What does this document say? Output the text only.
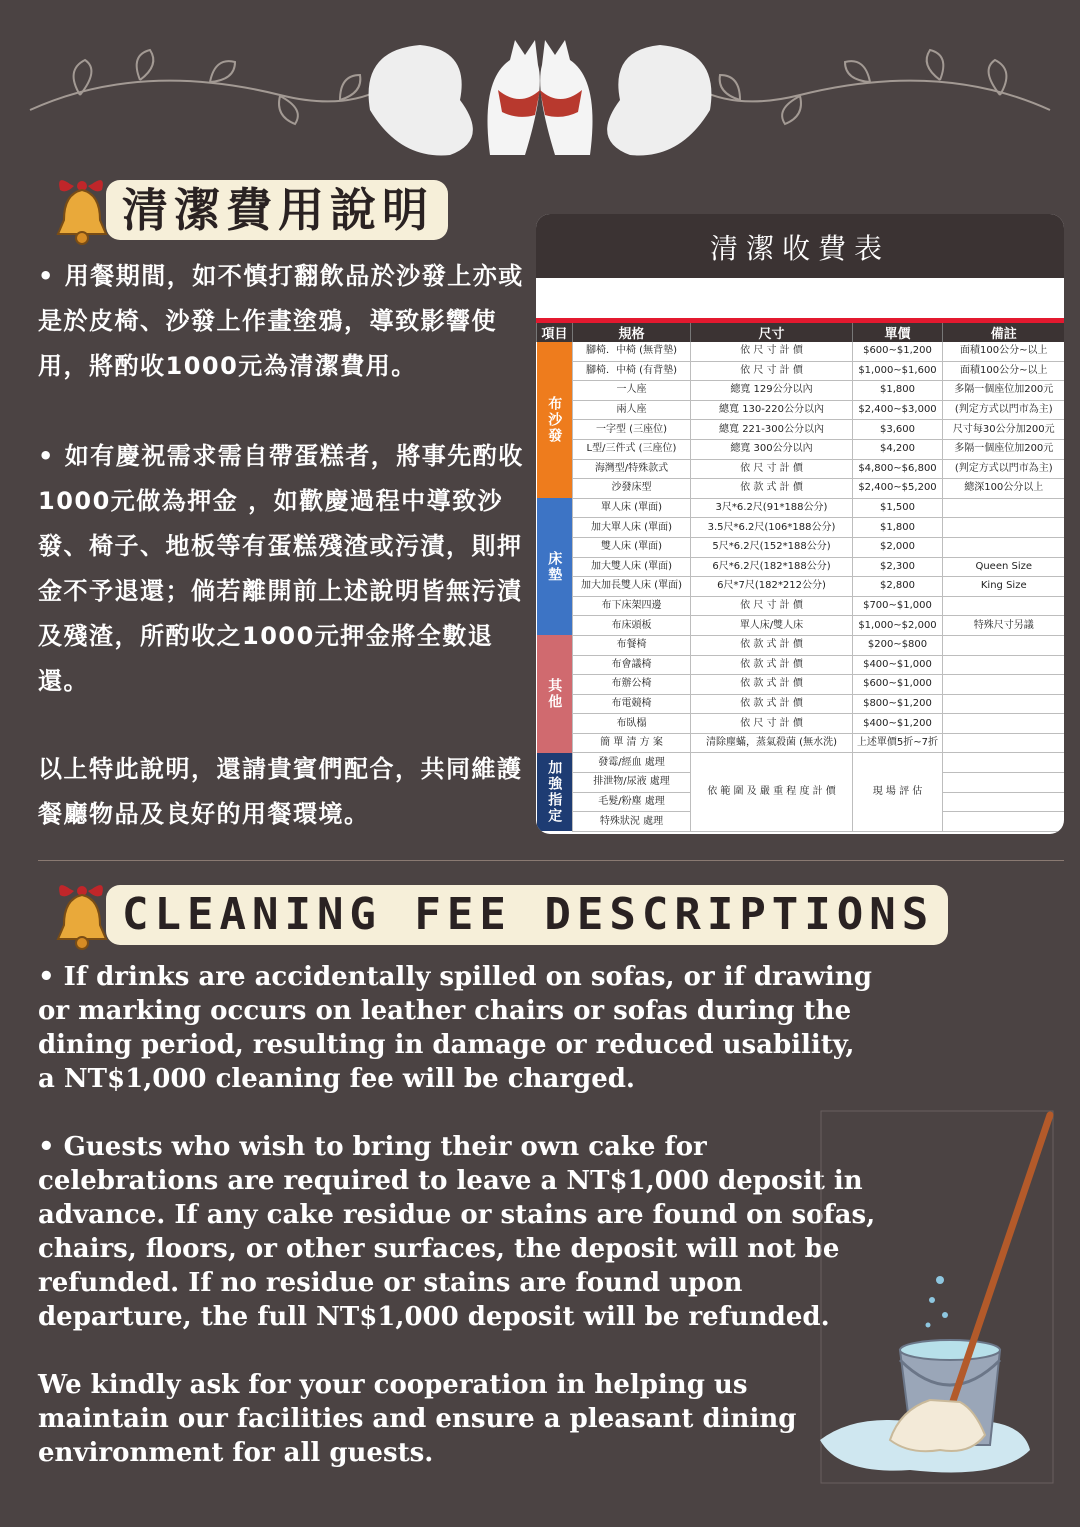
清潔費用說明

• 用餐期間，如不慎打翻飲品於沙發上亦或是於皮椅、沙發上作畫塗鴉，導致影響使用，將酌收1000元為清潔費用。

• 如有慶祝需求需自帶蛋糕者，將事先酌收1000元做為押金 ，如歡慶過程中導致沙發、椅子、地板等有蛋糕殘渣或污漬，則押金不予退還；倘若離開前上述說明皆無污漬及殘渣，所酌收之1000元押金將全數退還。

以上特此說明，還請貴賓們配合，共同維護餐廳物品及良好的用餐環境。

清潔收費表
項目	規格	尺寸	單價	備註
布沙發	腳椅．中椅 (無背墊)	依 尺 寸 計 價	$600~$1,200	面積100公分~以上
	腳椅．中椅 (有背墊)	依 尺 寸 計 價	$1,000~$1,600	面積100公分~以上
	一人座	總寬 129公分以內	$1,800	多隔一個座位加200元
	兩人座	總寬 130-220公分以內	$2,400~$3,000	(判定方式以門市為主)
	一字型 (三座位)	總寬 221-300公分以內	$3,600	尺寸每30公分加200元
	L型/三件式 (三座位)	總寬 300公分以內	$4,200	多隔一個座位加200元
	海灣型/特殊款式	依 尺 寸 計 價	$4,800~$6,800	(判定方式以門市為主)
	沙發床型	依 款 式 計 價	$2,400~$5,200	總深100公分以上
床墊	單人床 (單面)	3尺*6.2尺(91*188公分)	$1,500	
	加大單人床 (單面)	3.5尺*6.2尺(106*188公分)	$1,800	
	雙人床 (單面)	5尺*6.2尺(152*188公分)	$2,000	
	加大雙人床 (單面)	6尺*6.2尺(182*188公分)	$2,300	Queen Size
	加大加長雙人床 (單面)	6尺*7尺(182*212公分)	$2,800	King Size
	布下床架四邊	依 尺 寸 計 價	$700~$1,000	
	布床頭板	單人床/雙人床	$1,000~$2,000	特殊尺寸另議
其他	布餐椅	依 款 式 計 價	$200~$800	
	布會議椅	依 款 式 計 價	$400~$1,000	
	布辦公椅	依 款 式 計 價	$600~$1,000	
	布電競椅	依 款 式 計 價	$800~$1,200	
	布臥榻	依 尺 寸 計 價	$400~$1,200	
	簡 單 清 方 案	清除塵蟎，蒸氣殺菌 (無水洗)	上述單價5折~7折	
加強指定	發霉/經血 處理	依 範 圍 及 嚴 重 程 度 計 價	現 場 評 估	
	排泄物/尿液 處理			
	毛髮/粉塵 處理			
	特殊狀況 處理			
CLEANING FEE DESCRIPTIONS

• If drinks are accidentally spilled on sofas, or if drawing or marking occurs on leather chairs or sofas during the dining period, resulting in damage or reduced usability, a NT$1,000 cleaning fee will be charged.

• Guests who wish to bring their own cake for celebrations are required to leave a NT$1,000 deposit in advance. If any cake residue or stains are found on sofas, chairs, floors, or other surfaces, the deposit will not be refunded. If no residue or stains are found upon departure, the full NT$1,000 deposit will be refunded.

We kindly ask for your cooperation in helping us maintain our facilities and ensure a pleasant dining environment for all guests.
